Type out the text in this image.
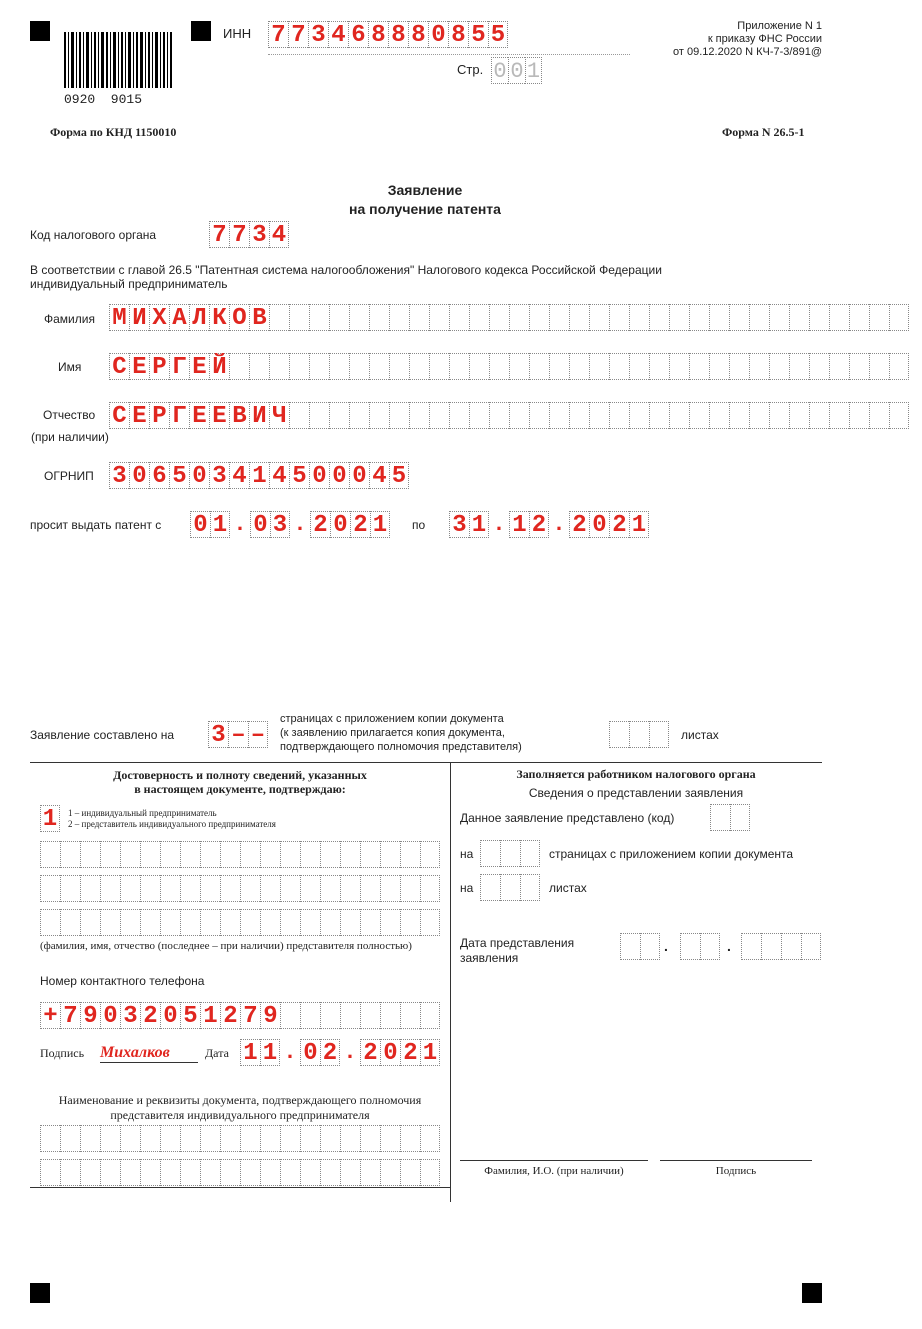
0920  9015
ИНН 7 7 3 4 6 8 8 8 0 8 5 5
Стр. 0 0 1
Приложение N 1
к приказу ФНС России
от 09.12.2020 N КЧ-7-3/891@
Форма по КНД 1150010	Форма N 26.5-1
Заявление
на получение патента
Код налогового органа 7 7 3 4
В соответствии с главой 26.5 "Патентная система налогообложения" Налогового кодекса Российской Федерации
индивидуальный предприниматель
Фамилия М И Х А Л К О В
Имя С Е Р Г Е Й
Отчество
(при наличии)
С Е Р Г Е Е В И Ч
ОГРНИП 3 0 6 5 0 3 4 1 4 5 0 0 0 4 5
просит выдать патент с 0 1 . 0 3 . 2 0 2 1 по 3 1 . 1 2 . 2 0 2 1
Заявление составлено на 3 – –
страницах с приложением копии документа
(к заявлению прилагается копия документа,
подтверждающего полномочия представителя)
листах
Достоверность и полноту сведений, указанных
в настоящем документе, подтверждаю:
1	1 – индивидуальный предприниматель
2 – представитель индивидуального предпринимателя
(фамилия, имя, отчество (последнее – при наличии) представителя полностью)
Номер контактного телефона
+ 7 9 0 3 2 0 5 1 2 7 9
Подпись Михалков	Дата 1 1 . 0 2 . 2 0 2 1
Наименование и реквизиты документа, подтверждающего полномочия
представителя индивидуального предпринимателя
Заполняется работником налогового органа
Сведения о представлении заявления
Данное заявление представлено (код)
на	страницах с приложением копии документа
на	листах
Дата представления
заявления
.	.
Фамилия, И.О. (при наличии)	Подпись
